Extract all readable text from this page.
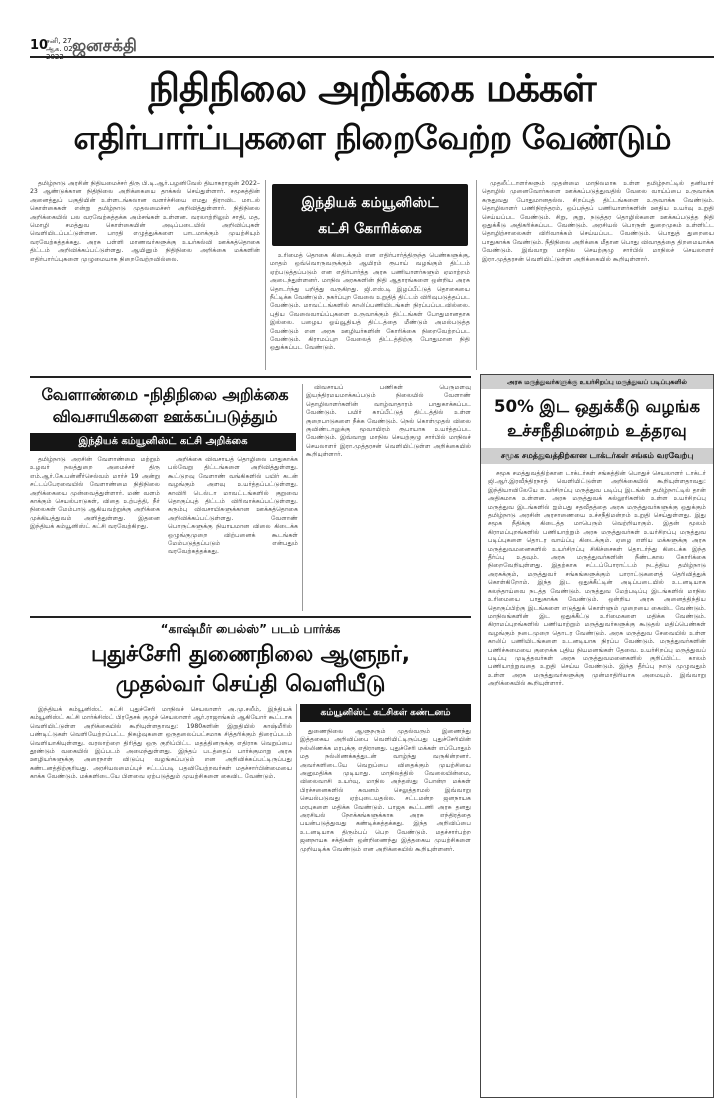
10
சனி, 27
ஆக. 02 ஜனசக்தி
நிதிநிலை அறிக்கை மக்கள்
எதிர்பார்ப்புகளை நிறைவேற்ற வேண்டும்

தமிழ்நாடு அரசின் நிதியமைச்சர் திரு பி.டி.ஆர்.பழனிவேல் தியாகராஜன் 2022–23 ஆண்டுக்கான நிதிநிலை அறிக்கையை தாக்கல் செய்துள்ளார். சமூகத்தின் அனைத்துப் பகுதியின் உள்ளடங்கலான வளர்ச்சியை எமது திராவிட மாடல் கொள்கைகள் என்று தமிழ்நாடு முதலமைச்சர் அறிவித்துள்ளார். நிதிநிலை அறிக்கையில் பல வரவேற்கத்தக்க அம்சங்கள் உள்ளன. வரலாற்றிலும் சாதி, மத, மொழி சமத்துவ கொள்கையின் அடிப்படையில் அறிவிப்புகள் வெளியிடப்பட்டுள்ளன. பாரதி எழுத்துக்களை பாடமாக்கும் முயற்சியும் வரவேற்கத்தக்கது. அரசு பள்ளி மாணவர்களுக்கு உயர்கல்வி ஊக்கத்தொகை திட்டம் அறிவிக்கப்பட்டுள்ளது. ஆயினும் நிதிநிலை அறிக்கை மக்களின் எதிர்பார்ப்புகளை முழுமையாக நிறைவேற்றவில்லை.

இந்தியக் கம்யூனிஸ்ட்
கட்சி கோரிக்கை

உரிமைத் தொகை கிடைக்கும் என எதிர்பார்த்திருந்த பெண்களுக்கு, மாதம் ஒவ்வொருவருக்கும் ஆயிரம் ரூபாய் வழங்கும் திட்டம் ஏற்படுத்தப்படும் என எதிர்பார்த்த அரசு பணியாளர்களும் ஏமாற்றம் அடைந்துள்ளனர். மாநில அரசுகளின் நிதி ஆதாரங்களை ஒன்றிய அரசு தொடர்ந்து பறித்து வருகிறது. ஜி.எஸ்.டி இழப்பீட்டுத் தொகையை நீட்டிக்க வேண்டும். நகர்ப்புற வேலை உறுதித் திட்டம் விரிவுபடுத்தப்பட வேண்டும். மாவட்டங்களில் காலிப்பணியிடங்கள் நிரப்பப்படவில்லை. புதிய வேலைவாய்ப்புகளை உருவாக்கும் திட்டங்கள் போதுமானதாக இல்லை. பழைய ஓய்வூதியத் திட்டத்தை மீண்டும் அமல்படுத்த வேண்டும் என அரசு ஊழியர்களின் கோரிக்கை நிறைவேற்றப்பட வேண்டும். கிராமப்புற வேலைத் திட்டத்திற்கு போதுமான நிதி ஒதுக்கப்பட வேண்டும்.

முதலீட்டாளர்களும் முதன்மை மாநிலமாக உள்ள தமிழ்நாட்டில் தனியார் தொழில் முனைவோர்களை ஊக்கப்படுத்துவதில் வேலை வாய்ப்பை உருவாக்க கருதுவது போதுமானதல்ல. சிறப்புத் திட்டங்களை உருவாக்க வேண்டும். தொழிலாளர் பணிநிரந்தரம், ஒப்பந்தப் பணியாளர்களின் ஊதிய உயர்வு உறுதி செய்யப்பட வேண்டும். சிறு, குறு, நடுத்தர தொழில்களை ஊக்கப்படுத்த நிதி ஒதுக்கீடு அதிகரிக்கப்பட வேண்டும். அரசியல் பொருள் துறைமுகம் உள்ளிட்ட தொழிற்சாலைகள் விரிவாக்கம் செய்யப்பட வேண்டும். பொதுத் துறையை பாதுகாக்க வேண்டும். நீதிநிலை அறிக்கை மீதான பொது விவாதத்தை திறமையாக்க வேண்டும். இவ்வாறு மாநில செயற்குழு சார்பில் மாநிலச் செயலாளர் இரா.முத்தரசன் வெளியிட்டுள்ள அறிக்கையில் கூறியுள்ளார்.

வேளாண்மை -நிதிநிலை அறிக்கை
விவசாயிகளை ஊக்கப்படுத்தும்
இந்தியக் கம்யூனிஸ்ட் கட்சி அறிக்கை

தமிழ்நாடு அரசின் வேளாண்மை மற்றும் உழவர் நலத்துறை அமைச்சர் திரு எம்.ஆர்.கே.பன்னீர்செல்வம் மார்ச் 19 அன்று சட்டப்பேரவையில் வேளாண்மை நிதிநிலை அறிக்கையை முன்வைத்துள்ளார். மண் வளம் காக்கும் செயல்பாடுகள், விதை உற்பத்தி, நீர் நிலைகள் மேம்பாடு ஆகியவற்றுக்கு அறிக்கை முக்கியத்துவம் அளித்துள்ளது. இதனை இந்தியக் கம்யூனிஸ்ட் கட்சி வரவேற்கிறது.

அறிக்கை விவசாயத் தொழிலை பாதுகாக்க பல்வேறு திட்டங்களை அறிவித்துள்ளது. கூட்டுறவு வேளாண் வங்கிகளில் பயிர் கடன் வழங்கும் அளவு உயர்த்தப்பட்டுள்ளது. காவிரி டெல்டா மாவட்டங்களில் குறுவை தொகுப்புத் திட்டம் விரிவாக்கப்பட்டுள்ளது. கரும்பு விவசாயிகளுக்கான ஊக்கத்தொகை அறிவிக்கப்பட்டுள்ளது. வேளாண் பொருட்களுக்கு நியாயமான விலை கிடைக்க ஒழுங்குமுறை விற்பனைக் கூடங்கள் மேம்படுத்தப்படும் என்பதும் வரவேற்கத்தக்கது.

விவசாயப் பணிகள் பெருமளவு இயந்திரமயமாக்கப்படும் நிலையில் வேளாண் தொழிலாளர்களின் வாழ்வாதாரம் பாதுகாக்கப்பட வேண்டும். பயிர் காப்பீட்டுத் திட்டத்தில் உள்ள குறைபாடுகளை நீக்க வேண்டும். நெல் கொள்முதல் விலை குவிண்டாலுக்கு மூவாயிரம் ரூபாயாக உயர்த்தப்பட வேண்டும். இவ்வாறு மாநில செயற்குழு சார்பில் மாநிலச் செயலாளர் இரா.முத்தரசன் வெளியிட்டுள்ள அறிக்கையில் கூறியுள்ளார்.

அரசு மருத்துவர்களுக்கு உயர்சிறப்பு மருத்துவப் படிப்புகளில்
50% இட ஒதுக்கீடு வழங்க
உச்சநீதிமன்றம் உத்தரவு
சமூக சமத்துவத்திற்கான டாக்டர்கள் சங்கம் வரவேற்பு

சமூக சமத்துவத்திற்கான டாக்டர்கள் சங்கத்தின் பொதுச் செயலாளர் டாக்டர் ஜி.ஆர்.இரவீந்திரநாத் வெளியிட்டுள்ள அறிக்கையில் கூறியுள்ளதாவது: இந்தியாவிலேயே உயர்சிறப்பு மருத்துவ படிப்பு இடங்கள் தமிழ்நாட்டில் தான் அதிகமாக உள்ளன. அரசு மருத்துவக் கல்லூரிகளில் உள்ள உயர்சிறப்பு மருத்துவ இடங்களில் ஐம்பது சதவீதத்தை அரசு மருத்துவர்களுக்கு ஒதுக்கும் தமிழ்நாடு அரசின் அரசாணையை உச்சநீதிமன்றம் உறுதி செய்துள்ளது. இது சமூக நீதிக்கு கிடைத்த மாபெரும் வெற்றியாகும். இதன் மூலம் கிராமப்புறங்களில் பணியாற்றும் அரசு மருத்துவர்கள் உயர்சிறப்பு மருத்துவ படிப்புகளை தொடர வாய்ப்பு கிடைக்கும். ஏழை எளிய மக்களுக்கு அரசு மருத்துவமனைகளில் உயர்சிறப்பு சிகிச்சைகள் தொடர்ந்து கிடைக்க இந்த தீர்ப்பு உதவும். அரசு மருத்துவர்களின் நீண்டகால கோரிக்கை நிறைவேறியுள்ளது. இதற்காக சட்டப்போராட்டம் நடத்திய தமிழ்நாடு அரசுக்கும், மருத்துவர் சங்கங்களுக்கும் பாராட்டுகளைத் தெரிவித்துக் கொள்கிறோம். இந்த இட ஒதுக்கீட்டின் அடிப்படையில் உடனடியாக கலந்தாய்வை நடத்த வேண்டும். மருத்துவ மேற்படிப்பு இடங்களில் மாநில உரிமையை பாதுகாக்க வேண்டும். ஒன்றிய அரசு அனைத்திந்திய தொகுப்பிற்கு இடங்களை எடுத்துக் கொள்ளும் முறையை கைவிட வேண்டும். மாநிலங்களின் இட ஒதுக்கீட்டு உரிமைகளை மதிக்க வேண்டும். கிராமப்புறங்களில் பணியாற்றும் மருத்துவர்களுக்கு கூடுதல் மதிப்பெண்கள் வழங்கும் நடைமுறை தொடர வேண்டும். அரசு மருத்துவ சேவையில் உள்ள காலிப் பணியிடங்களை உடனடியாக நிரப்ப வேண்டும். மருத்துவர்களின் பணிச்சுமையை குறைக்க புதிய நியமனங்கள் தேவை. உயர்சிறப்பு மருத்துவப் படிப்பு முடித்தவர்கள் அரசு மருத்துவமனைகளில் குறிப்பிட்ட காலம் பணியாற்றுவதை உறுதி செய்ய வேண்டும். இந்த தீர்ப்பு நாடு முழுவதும் உள்ள அரசு மருத்துவர்களுக்கு முன்மாதிரியாக அமையும். இவ்வாறு அறிக்கையில் கூறியுள்ளார்.

“காஷ்மீர் பைல்ஸ்” படம் பார்க்க
புதுச்சேரி துணைநிலை ஆளுநர்,
முதல்வர் செய்தி வெளியீடு
கம்யூனிஸ்ட் கட்சிகள் கண்டனம்

இந்தியக் கம்யூனிஸ்ட் கட்சி புதுச்சேரி மாநிலச் செயலாளர் அ.மு.சலீம், இந்தியக் கம்யூனிஸ்ட் கட்சி மார்க்சிஸ்ட் பிரதேசக் குழுச் செயலாளர் ஆர்.ராஜாங்கம் ஆகியோர் கூட்டாக வெளியிட்டுள்ள அறிக்கையில் கூறியுள்ளதாவது: 1980களின் இறுதியில் காஷ்மீரில் பண்டிட்டுகள் வெளியேற்றப்பட்ட நிகழ்வுகளை ஒருதலைப்பட்சமாக சித்தரிக்கும் திரைப்படம் வெளியாகியுள்ளது. வரலாற்றை திரித்து ஒரு குறிப்பிட்ட மதத்தினருக்கு எதிராக வெறுப்பை தூண்டும் வகையில் இப்படம் அமைந்துள்ளது. இந்தப் படத்தைப் பார்க்குமாறு அரசு ஊழியர்களுக்கு அரைநாள் விடுப்பு வழங்கப்படும் என அறிவிக்கப்பட்டிருப்பது கண்டனத்திற்குரியது. அரசியலமைப்புச் சட்டப்படி பதவியேற்றவர்கள் மதச்சார்பின்மையை காக்க வேண்டும். மக்களிடையே பிளவை ஏற்படுத்தும் முயற்சிகளை கைவிட வேண்டும்.

துணைநிலை ஆளுநரும் முதல்வரும் இணைந்து இத்தகைய அறிவிப்பை வெளியிட்டிருப்பது புதுச்சேரியின் நல்லிணக்க மரபுக்கு எதிரானது. புதுச்சேரி மக்கள் எப்போதும் மத நல்லிணக்கத்துடன் வாழ்ந்து வருகின்றனர். அவர்களிடையே வெறுப்பை விதைக்கும் முயற்சியை அனுமதிக்க முடியாது. மாநிலத்தில் வேலையின்மை, விலைவாசி உயர்வு, மாநில அந்தஸ்து போன்ற மக்கள் பிரச்சனைகளில் கவனம் செலுத்தாமல் இவ்வாறு செயல்படுவது ஏற்புடையதல்ல. சட்டமன்ற ஜனநாயக மரபுகளை மதிக்க வேண்டும். பாஜக கூட்டணி அரசு தனது அரசியல் நோக்கங்களுக்காக அரசு எந்திரத்தை பயன்படுத்துவது கண்டிக்கத்தக்கது. இந்த அறிவிப்பை உடனடியாக திரும்பப் பெற வேண்டும். மதச்சார்பற்ற ஜனநாயக சக்திகள் ஒன்றிணைந்து இத்தகைய முயற்சிகளை முறியடிக்க வேண்டும் என அறிக்கையில் கூறியுள்ளனர்.
